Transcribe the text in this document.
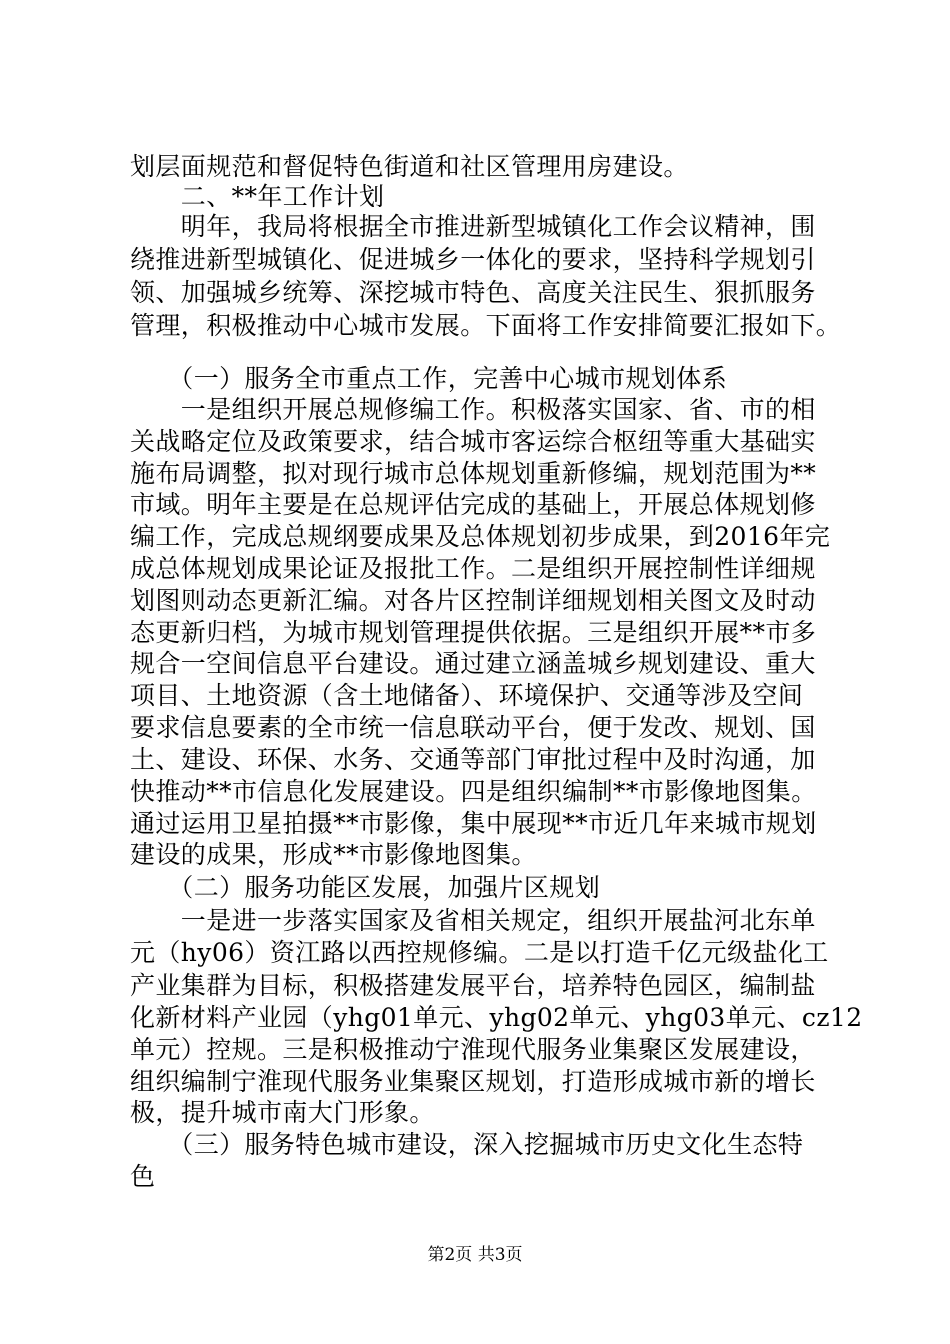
划层面规范和督促特色街道和社区管理用房建设。
　　二、**年工作计划
　　明年，我局将根据全市推进新型城镇化工作会议精神，围
绕推进新型城镇化、促进城乡一体化的要求，坚持科学规划引
领、加强城乡统筹、深挖城市特色、高度关注民生、狠抓服务
管理，积极推动中心城市发展。下面将工作安排简要汇报如下。
　　（一）服务全市重点工作，完善中心城市规划体系
　　一是组织开展总规修编工作。积极落实国家、省、市的相
关战略定位及政策要求，结合城市客运综合枢纽等重大基础实
施布局调整，拟对现行城市总体规划重新修编，规划范围为**
市域。明年主要是在总规评估完成的基础上，开展总体规划修
编工作，完成总规纲要成果及总体规划初步成果，到2016年完
成总体规划成果论证及报批工作。二是组织开展控制性详细规
划图则动态更新汇编。对各片区控制详细规划相关图文及时动
态更新归档，为城市规划管理提供依据。三是组织开展**市多
规合一空间信息平台建设。通过建立涵盖城乡规划建设、重大
项目、土地资源（含土地储备）、环境保护、交通等涉及空间
要求信息要素的全市统一信息联动平台，便于发改、规划、国
土、建设、环保、水务、交通等部门审批过程中及时沟通，加
快推动**市信息化发展建设。四是组织编制**市影像地图集。
通过运用卫星拍摄**市影像，集中展现**市近几年来城市规划
建设的成果，形成**市影像地图集。
　　（二）服务功能区发展，加强片区规划
　　一是进一步落实国家及省相关规定，组织开展盐河北东单
元（hy06）资江路以西控规修编。二是以打造千亿元级盐化工
产业集群为目标，积极搭建发展平台，培养特色园区，编制盐
化新材料产业园（yhg01单元、yhg02单元、yhg03单元、cz12
单元）控规。三是积极推动宁淮现代服务业集聚区发展建设，
组织编制宁淮现代服务业集聚区规划，打造形成城市新的增长
极，提升城市南大门形象。
　　（三）服务特色城市建设，深入挖掘城市历史文化生态特
色
第2页 共3页
